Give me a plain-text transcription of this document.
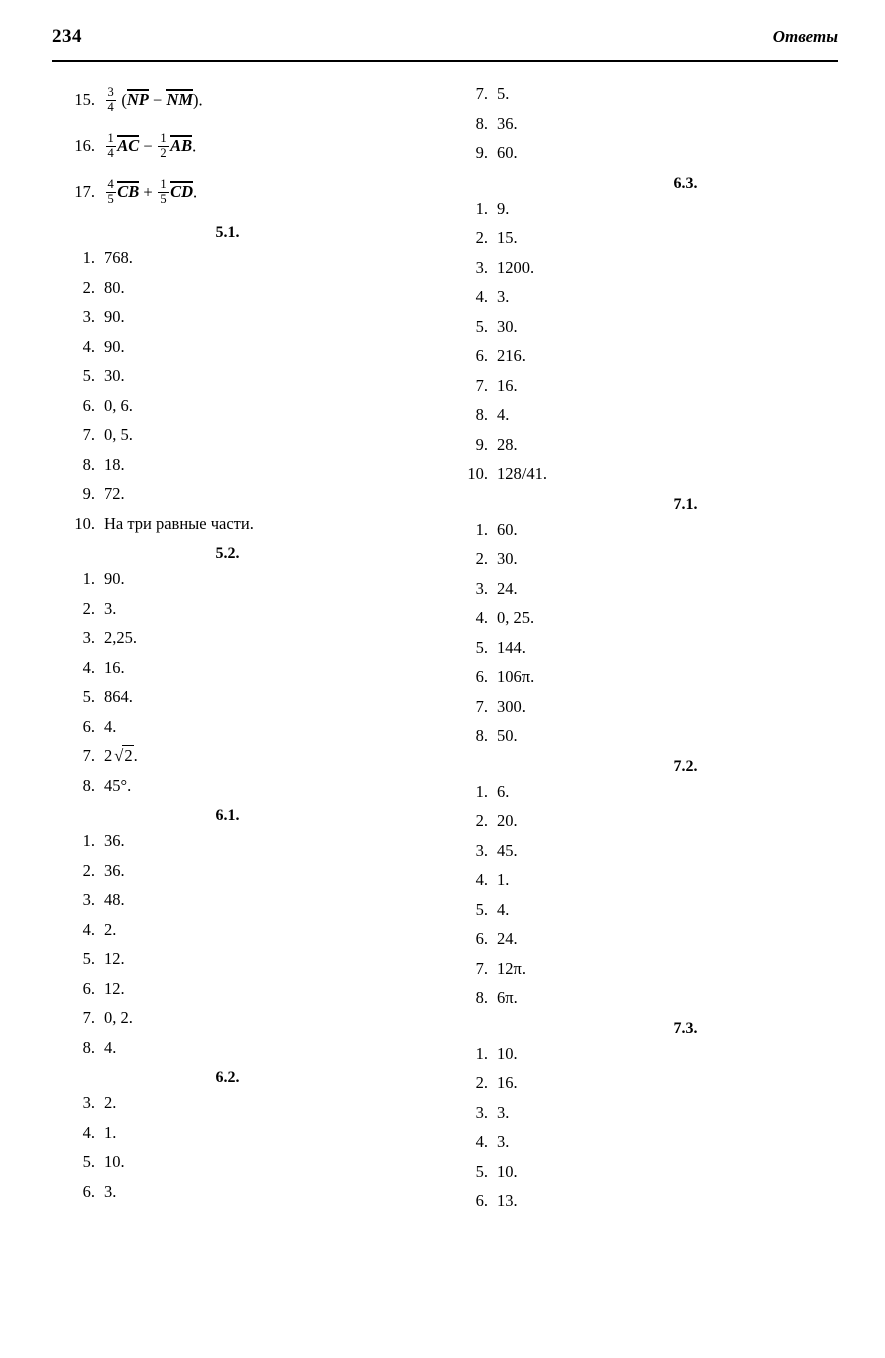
234	Ответы
15. $\frac{3}{4} (NP - NM)$.
16. $\frac{1}{4}$ AC − $\frac{1}{2}$ AB.
17. $\frac{4}{5}$ CB + $\frac{1}{5}$ CD.
5.1.
1. 768.
2. 80.
3. 90.
4. 90.
5. 30.
6. 0, 6.
7. 0, 5.
8. 18.
9. 72.
10. На три равные части.
5.2.
1. 90.
2. 3.
3. 2,25.
4. 16.
5. 864.
6. 4.
7. 2 √2.
8. 45°.
6.1.
1. 36.
2. 36.
3. 48.
4. 2.
5. 12.
6. 12.
7. 0, 2.
8. 4.
6.2.
3. 2.
4. 1.
5. 10.
6. 3.
7. 5.
8. 36.
9. 60.
6.3.
1. 9.
2. 15.
3. 1200.
4. 3.
5. 30.
6. 216.
7. 16.
8. 4.
9. 28.
10. 128/41.
7.1.
1. 60.
2. 30.
3. 24.
4. 0, 25.
5. 144.
6. 106π.
7. 300.
8. 50.
7.2.
1. 6.
2. 20.
3. 45.
4. 1.
5. 4.
6. 24.
7. 12π.
8. 6π.
7.3.
1. 10.
2. 16.
3. 3.
4. 3.
5. 10.
6. 13.
